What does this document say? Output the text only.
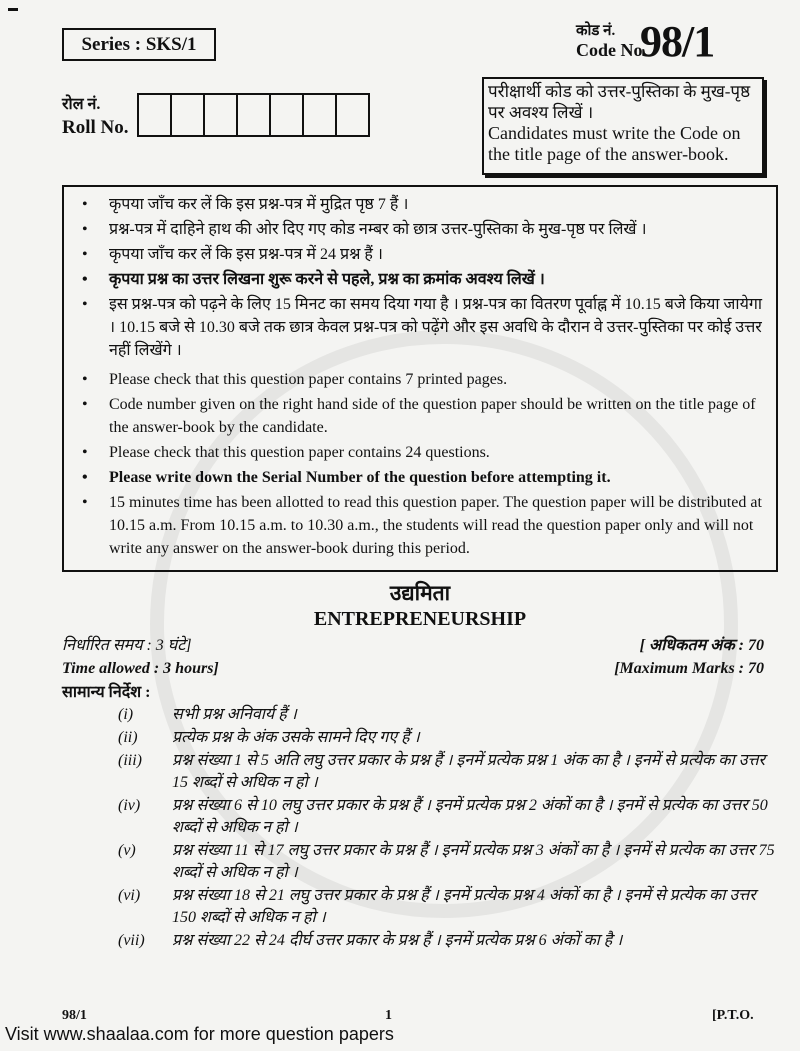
Series : SKS/1
कोड नं.
Code No.
98/1
रोल नं.
Roll No.
परीक्षार्थी कोड को उत्तर-पुस्तिका के मुख-पृष्ठ पर अवश्य लिखें ।
Candidates must write the Code on the title page of the answer-book.
• कृपया जाँच कर लें कि इस प्रश्न-पत्र में मुद्रित पृष्ठ 7 हैं ।
• प्रश्न-पत्र में दाहिने हाथ की ओर दिए गए कोड नम्बर को छात्र उत्तर-पुस्तिका के मुख-पृष्ठ पर लिखें ।
• कृपया जाँच कर लें कि इस प्रश्न-पत्र में 24 प्रश्न हैं ।
• कृपया प्रश्न का उत्तर लिखना शुरू करने से पहले, प्रश्न का क्रमांक अवश्य लिखें ।
• इस प्रश्न-पत्र को पढ़ने के लिए 15 मिनट का समय दिया गया है । प्रश्न-पत्र का वितरण पूर्वाह्न में 10.15 बजे किया जायेगा । 10.15 बजे से 10.30 बजे तक छात्र केवल प्रश्न-पत्र को पढ़ेंगे और इस अवधि के दौरान वे उत्तर-पुस्तिका पर कोई उत्तर नहीं लिखेंगे ।
• Please check that this question paper contains 7 printed pages.
• Code number given on the right hand side of the question paper should be written on the title page of the answer-book by the candidate.
• Please check that this question paper contains 24 questions.
• Please write down the Serial Number of the question before attempting it.
• 15 minutes time has been allotted to read this question paper. The question paper will be distributed at 10.15 a.m. From 10.15 a.m. to 10.30 a.m., the students will read the question paper only and will not write any answer on the answer-book during this period.
उद्यमिता
ENTREPRENEURSHIP
निर्धारित समय : 3 घंटे]	[ अधिकतम अंक : 70
Time allowed : 3 hours]	[Maximum Marks : 70
सामान्य निर्देश :
(i) सभी प्रश्न अनिवार्य हैं ।
(ii) प्रत्येक प्रश्न के अंक उसके सामने दिए गए हैं ।
(iii) प्रश्न संख्या 1 से 5 अति लघु उत्तर प्रकार के प्रश्न हैं । इनमें प्रत्येक प्रश्न 1 अंक का है । इनमें से प्रत्येक का उत्तर 15 शब्दों से अधिक न हो ।
(iv) प्रश्न संख्या 6 से 10 लघु उत्तर प्रकार के प्रश्न हैं । इनमें प्रत्येक प्रश्न 2 अंकों का है । इनमें से प्रत्येक का उत्तर 50 शब्दों से अधिक न हो ।
(v) प्रश्न संख्या 11 से 17 लघु उत्तर प्रकार के प्रश्न हैं । इनमें प्रत्येक प्रश्न 3 अंकों का है । इनमें से प्रत्येक का उत्तर 75 शब्दों से अधिक न हो ।
(vi) प्रश्न संख्या 18 से 21 लघु उत्तर प्रकार के प्रश्न हैं । इनमें प्रत्येक प्रश्न 4 अंकों का है । इनमें से प्रत्येक का उत्तर 150 शब्दों से अधिक न हो ।
(vii) प्रश्न संख्या 22 से 24 दीर्घ उत्तर प्रकार के प्रश्न हैं । इनमें प्रत्येक प्रश्न 6 अंकों का है ।
98/1	1	[P.T.O.
Visit www.shaalaa.com for more question papers
